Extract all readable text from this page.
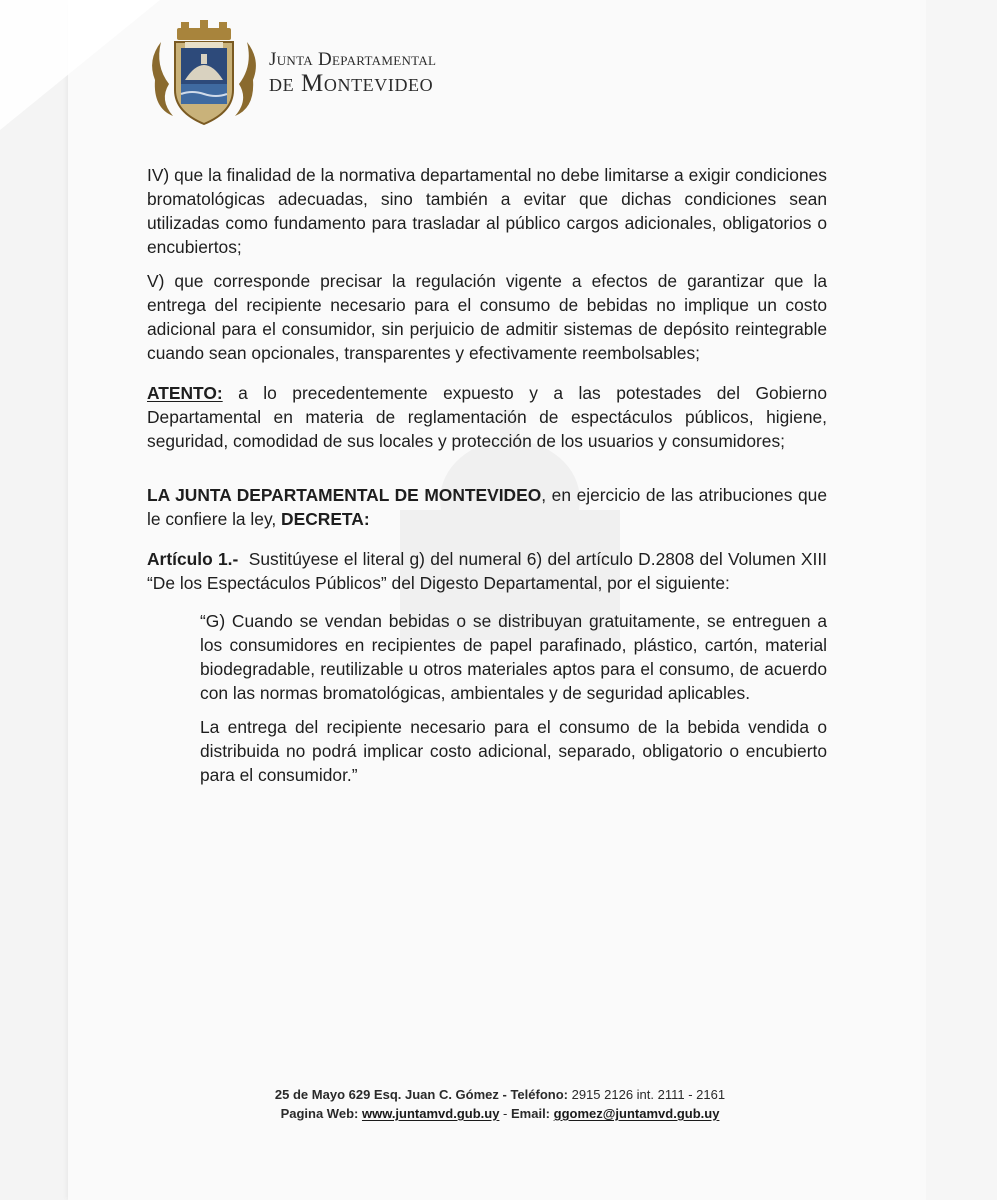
Junta Departamental
de Montevideo

IV) que la finalidad de la normativa departamental no debe limitarse a exigir condiciones bromatológicas adecuadas, sino también a evitar que dichas condiciones sean utilizadas como fundamento para trasladar al público cargos adicionales, obligatorios o encubiertos;

V) que corresponde precisar la regulación vigente a efectos de garantizar que la entrega del recipiente necesario para el consumo de bebidas no implique un costo adicional para el consumidor, sin perjuicio de admitir sistemas de depósito reintegrable cuando sean opcionales, transparentes y efectivamente reembolsables;

ATENTO: a lo precedentemente expuesto y a las potestades del Gobierno Departamental en materia de reglamentación de espectáculos públicos, higiene, seguridad, comodidad de sus locales y protección de los usuarios y consumidores;

LA JUNTA DEPARTAMENTAL DE MONTEVIDEO, en ejercicio de las atribuciones que le confiere la ley, DECRETA:

Artículo 1.-  Sustitúyese el literal g) del numeral 6) del artículo D.2808 del Volumen XIII “De los Espectáculos Públicos” del Digesto Departamental, por el siguiente:

“G) Cuando se vendan bebidas o se distribuyan gratuitamente, se entreguen a los consumidores en recipientes de papel parafinado, plástico, cartón, material biodegradable, reutilizable u otros materiales aptos para el consumo, de acuerdo con las normas bromatológicas, ambientales y de seguridad aplicables.

La entrega del recipiente necesario para el consumo de la bebida vendida o distribuida no podrá implicar costo adicional, separado, obligatorio o encubierto para el consumidor.”

25 de Mayo 629 Esq. Juan C. Gómez - Teléfono: 2915 2126 int. 2111 - 2161
Pagina Web: www.juntamvd.gub.uy - Email: ggomez@juntamvd.gub.uy
